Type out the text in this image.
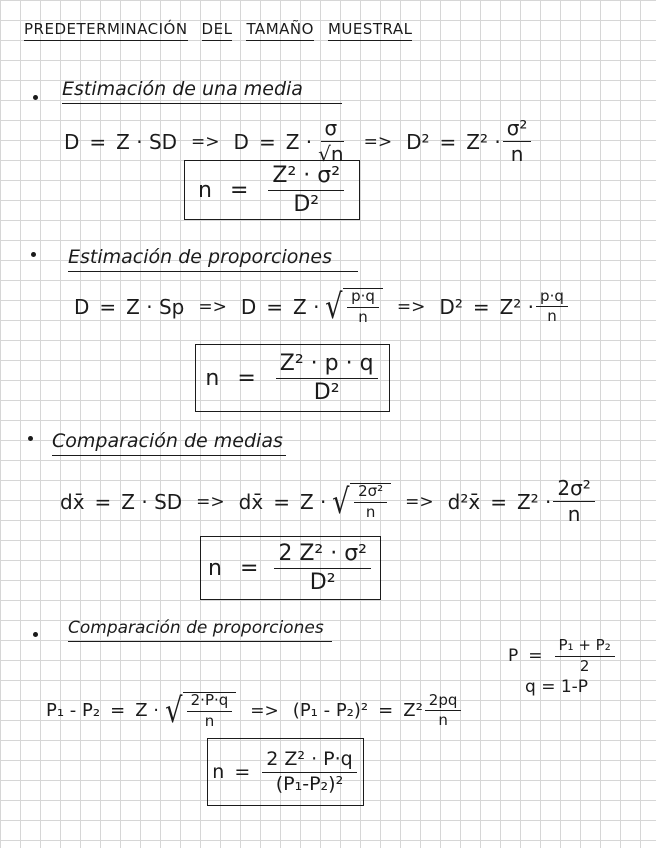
PREDETERMINACIÓN DEL TAMAÑO MUESTRAL
Estimación de una media
D = Z · SD => $D = Z \cdot \frac{\sigma}{√n} => D^2 = Z^2 \cdot \frac{\text{σ²}}{n}$
$n = \frac{\text{Z² · σ²}}{\text{D²}}$
Estimación de proporciones
D = Z · Sp => D = Z · √ $\frac{p\cdot q}{n} => D^2 = Z^2 \cdot \frac{p\cdot q}{n}$
$n = \frac{\text{Z² · p · q}}{\text{D²}}$
Comparación de medias
dx̄ = Z · SD => dx̄ = Z · √ $\frac{\text{2σ²}}{n}$ => d²x̄ = $Z^2 \cdot \frac{\text{2σ²}}{n}$
$n = \frac{\text{2 Z² · σ²}}{\text{D²}}$
Comparación de proporciones
$P = \frac{\text{P₁ + P₂}}{2}$
q = 1-P
P₁ - P₂ = Z · √ $\frac{2\cdot P\cdot q}{n} => (P_1 - P_2)^2 = Z^2 \frac{2pq}{n}$
$n = \frac{\text{2 Z² · P·q}}{\text{(P₁-P₂)²}}$
